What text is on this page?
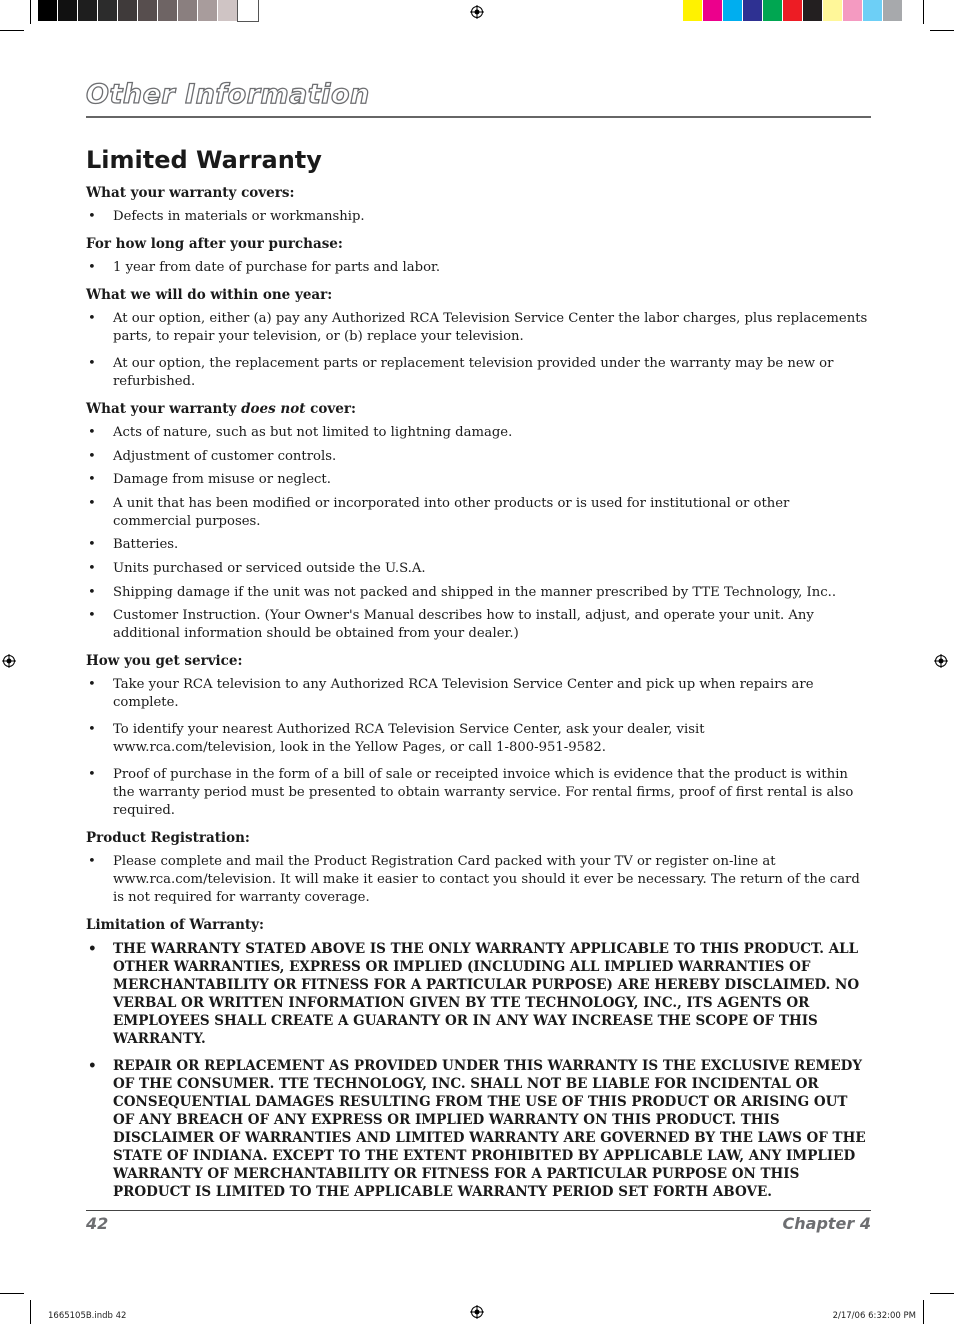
Other Information
Limited Warranty
What your warranty covers:
• Defects in materials or workmanship.
For how long after your purchase:
• 1 year from date of purchase for parts and labor.
What we will do within one year:
• At our option, either (a) pay any Authorized RCA Television Service Center the labor charges, plus replacements parts, to repair your television, or (b) replace your television.
• At our option, the replacement parts or replacement television provided under the warranty may be new or refurbished.
What your warranty does not cover:
• Acts of nature, such as but not limited to lightning damage.
• Adjustment of customer controls.
• Damage from misuse or neglect.
• A unit that has been modified or incorporated into other products or is used for institutional or other commercial purposes.
• Batteries.
• Units purchased or serviced outside the U.S.A.
• Shipping damage if the unit was not packed and shipped in the manner prescribed by TTE Technology, Inc..
• Customer Instruction. (Your Owner's Manual describes how to install, adjust, and operate your unit. Any additional information should be obtained from your dealer.)
How you get service:
• Take your RCA television to any Authorized RCA Television Service Center and pick up when repairs are complete.
• To identify your nearest Authorized RCA Television Service Center, ask your dealer, visit www.rca.com/television, look in the Yellow Pages, or call 1-800-951-9582.
• Proof of purchase in the form of a bill of sale or receipted invoice which is evidence that the product is within the warranty period must be presented to obtain warranty service. For rental firms, proof of first rental is also required.
Product Registration:
• Please complete and mail the Product Registration Card packed with your TV or register on-line at www.rca.com/television. It will make it easier to contact you should it ever be necessary. The return of the card is not required for warranty coverage.
Limitation of Warranty:
• THE WARRANTY STATED ABOVE IS THE ONLY WARRANTY APPLICABLE TO THIS PRODUCT. ALL OTHER WARRANTIES, EXPRESS OR IMPLIED (INCLUDING ALL IMPLIED WARRANTIES OF MERCHANTABILITY OR FITNESS FOR A PARTICULAR PURPOSE) ARE HEREBY DISCLAIMED. NO VERBAL OR WRITTEN INFORMATION GIVEN BY TTE TECHNOLOGY, INC., ITS AGENTS OR EMPLOYEES SHALL CREATE A GUARANTY OR IN ANY WAY INCREASE THE SCOPE OF THIS WARRANTY.
• REPAIR OR REPLACEMENT AS PROVIDED UNDER THIS WARRANTY IS THE EXCLUSIVE REMEDY OF THE CONSUMER. TTE TECHNOLOGY, INC. SHALL NOT BE LIABLE FOR INCIDENTAL OR CONSEQUENTIAL DAMAGES RESULTING FROM THE USE OF THIS PRODUCT OR ARISING OUT OF ANY BREACH OF ANY EXPRESS OR IMPLIED WARRANTY ON THIS PRODUCT. THIS DISCLAIMER OF WARRANTIES AND LIMITED WARRANTY ARE GOVERNED BY THE LAWS OF THE STATE OF INDIANA. EXCEPT TO THE EXTENT PROHIBITED BY APPLICABLE LAW, ANY IMPLIED WARRANTY OF MERCHANTABILITY OR FITNESS FOR A PARTICULAR PURPOSE ON THIS PRODUCT IS LIMITED TO THE APPLICABLE WARRANTY PERIOD SET FORTH ABOVE.
42	Chapter 4
1665105B.indb 42	2/17/06 6:32:00 PM
